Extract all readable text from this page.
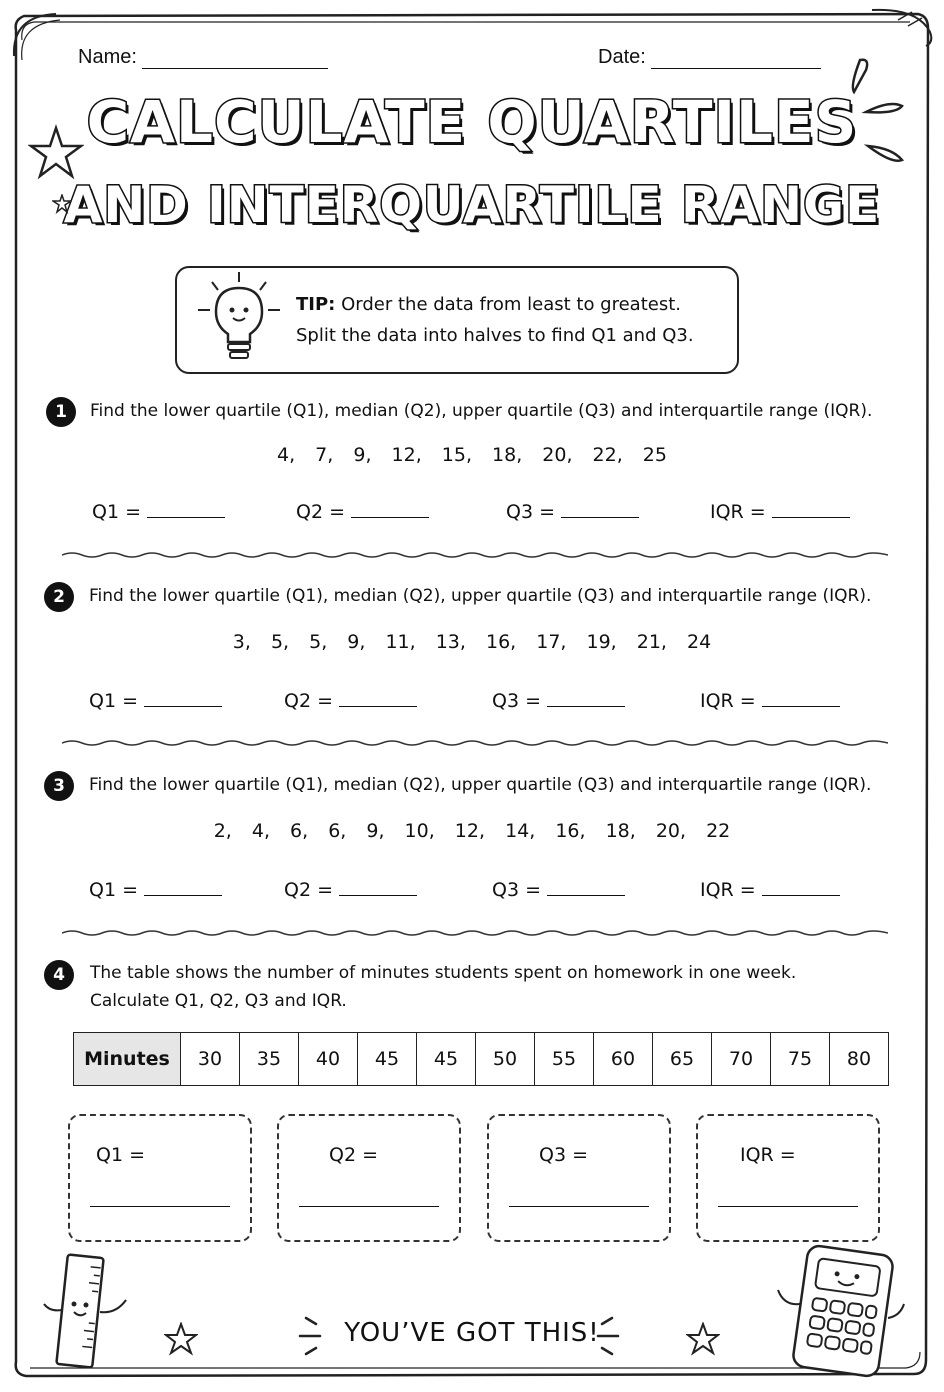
Name:	Date:
CALCULATE QUARTILES
AND INTERQUARTILE RANGE
TIP: Order the data from least to greatest.
Split the data into halves to find Q1 and Q3.
1	Find the lower quartile (Q1), median (Q2), upper quartile (Q3) and interquartile range (IQR).
4, 7, 9, 12, 15, 18, 20, 22, 25
Q1 =	Q2 =	Q3 =	IQR =
2	Find the lower quartile (Q1), median (Q2), upper quartile (Q3) and interquartile range (IQR).
3, 5, 5, 9, 11, 13, 16, 17, 19, 21, 24
Q1 =	Q2 =	Q3 =	IQR =
3	Find the lower quartile (Q1), median (Q2), upper quartile (Q3) and interquartile range (IQR).
2, 4, 6, 6, 9, 10, 12, 14, 16, 18, 20, 22
Q1 =	Q2 =	Q3 =	IQR =
4	The table shows the number of minutes students spent on homework in one week.
Calculate Q1, Q2, Q3 and IQR.
Minutes	30	35	40	45	45	50	55	60	65	70	75	80
Q1 =	Q2 =	Q3 =	IQR =
YOU’VE GOT THIS!
